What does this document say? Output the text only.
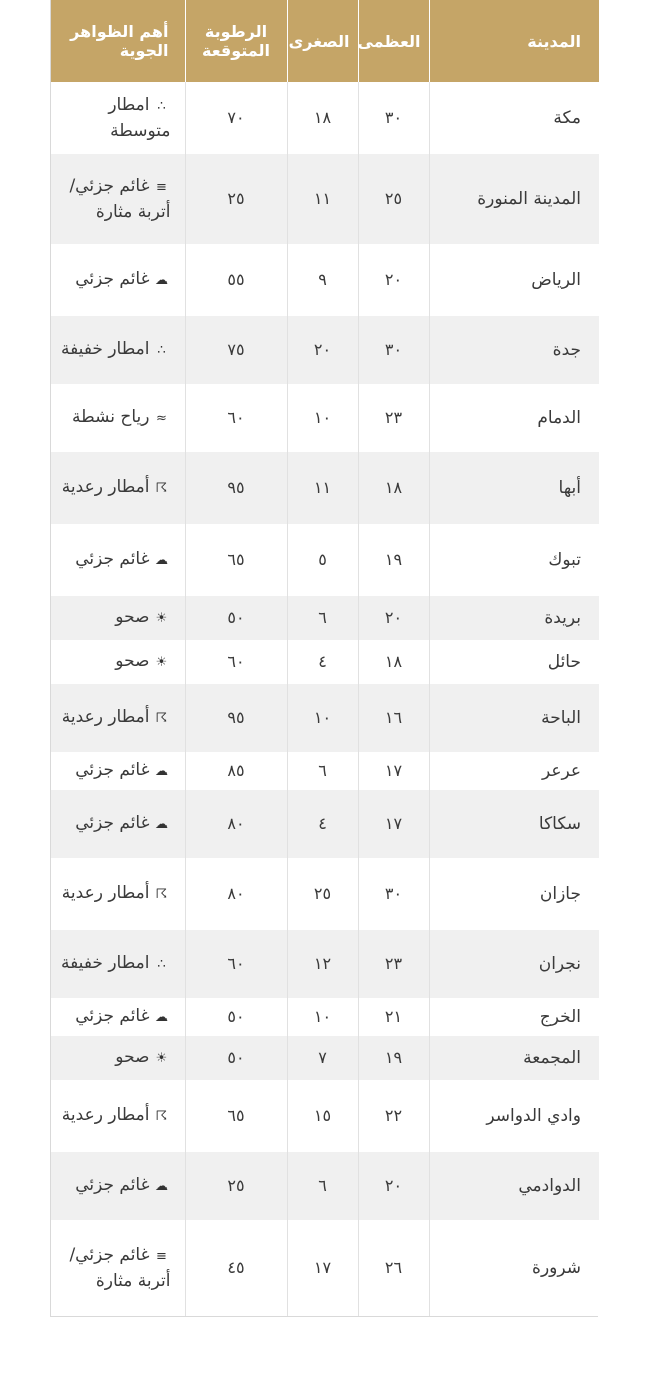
المدينة	العظمى	الصغرى	الرطوبة المتوقعة	أهم الظواهر الجوية
مكة	٣٠	١٨	٧٠	∴امطار متوسطة
المدينة المنورة	٢٥	١١	٢٥	≡غائم جزئي/أتربة مثارة
الرياض	٢٠	٩	٥٥	☁غائم جزئي
جدة	٣٠	٢٠	٧٥	∴امطار خفيفة
الدمام	٢٣	١٠	٦٠	≈رياح نشطة
أبها	١٨	١١	٩٥	☈أمطار رعدية
تبوك	١٩	٥	٦٥	☁غائم جزئي
بريدة	٢٠	٦	٥٠	☀صحو
حائل	١٨	٤	٦٠	☀صحو
الباحة	١٦	١٠	٩٥	☈أمطار رعدية
عرعر	١٧	٦	٨٥	☁غائم جزئي
سكاكا	١٧	٤	٨٠	☁غائم جزئي
جازان	٣٠	٢٥	٨٠	☈أمطار رعدية
نجران	٢٣	١٢	٦٠	∴امطار خفيفة
الخرج	٢١	١٠	٥٠	☁غائم جزئي
المجمعة	١٩	٧	٥٠	☀صحو
وادي الدواسر	٢٢	١٥	٦٥	☈أمطار رعدية
الدوادمي	٢٠	٦	٢٥	☁غائم جزئي
شرورة	٢٦	١٧	٤٥	≡غائم جزئي/أتربة مثارة
